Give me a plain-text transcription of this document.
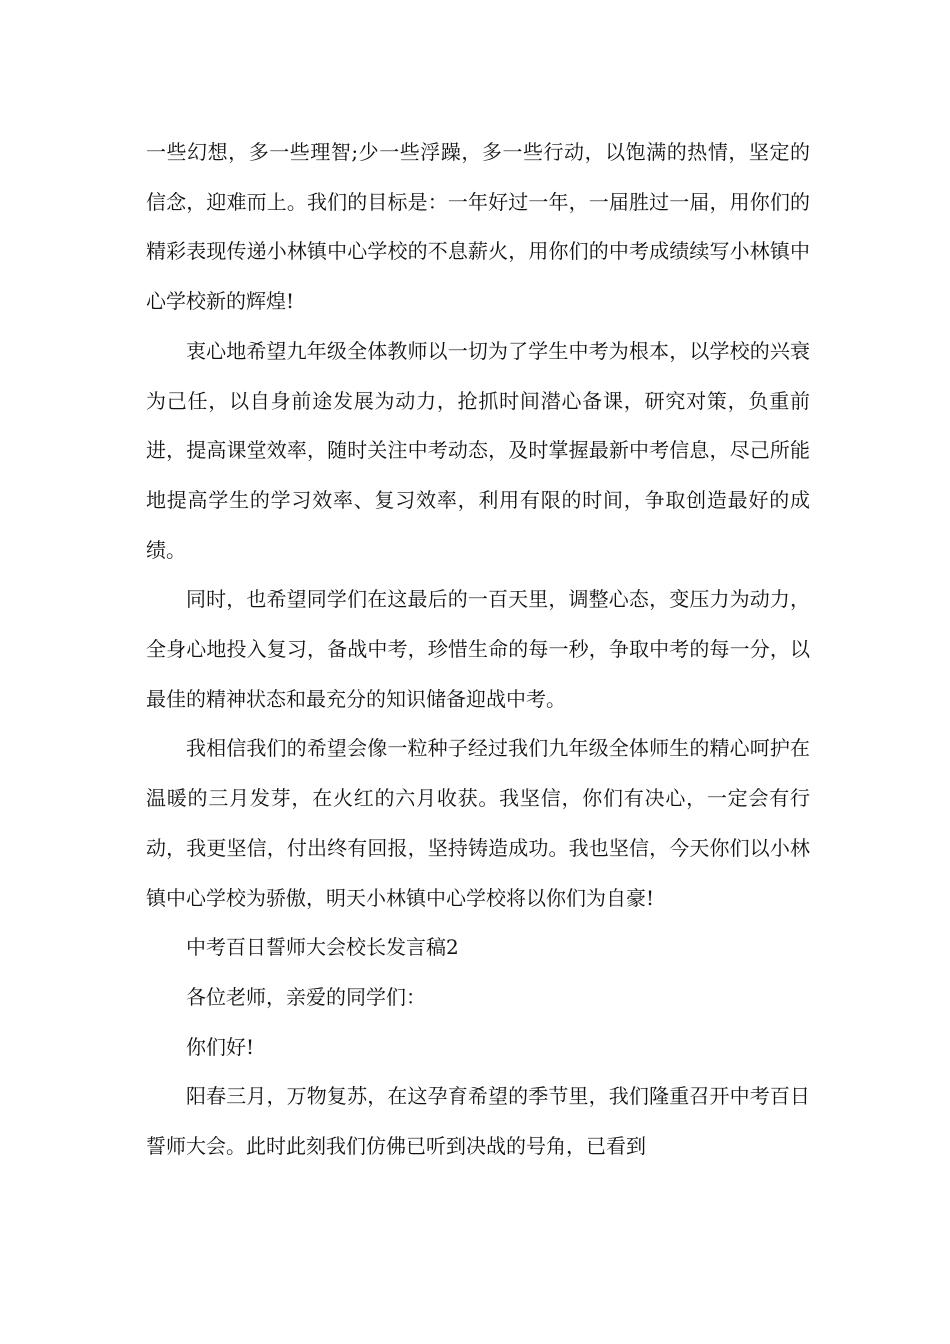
一些幻想，多一些理智;少一些浮躁，多一些行动，以饱满的热情，坚定的信念，迎难而上。我们的目标是：一年好过一年，一届胜过一届，用你们的精彩表现传递小林镇中心学校的不息薪火，用你们的中考成绩续写小林镇中心学校新的辉煌!

衷心地希望九年级全体教师以一切为了学生中考为根本，以学校的兴衰为己任，以自身前途发展为动力，抢抓时间潜心备课，研究对策，负重前进，提高课堂效率，随时关注中考动态，及时掌握最新中考信息，尽己所能地提高学生的学习效率、复习效率，利用有限的时间，争取创造最好的成绩。

同时，也希望同学们在这最后的一百天里，调整心态，变压力为动力，全身心地投入复习，备战中考，珍惜生命的每一秒，争取中考的每一分，以最佳的精神状态和最充分的知识储备迎战中考。

我相信我们的希望会像一粒种子经过我们九年级全体师生的精心呵护在温暖的三月发芽，在火红的六月收获。我坚信，你们有决心，一定会有行动，我更坚信，付出终有回报，坚持铸造成功。我也坚信，今天你们以小林镇中心学校为骄傲，明天小林镇中心学校将以你们为自豪!

中考百日誓师大会校长发言稿2

各位老师，亲爱的同学们：

你们好!

阳春三月，万物复苏，在这孕育希望的季节里，我们隆重召开中考百日誓师大会。此时此刻我们仿佛已听到决战的号角，已看到
